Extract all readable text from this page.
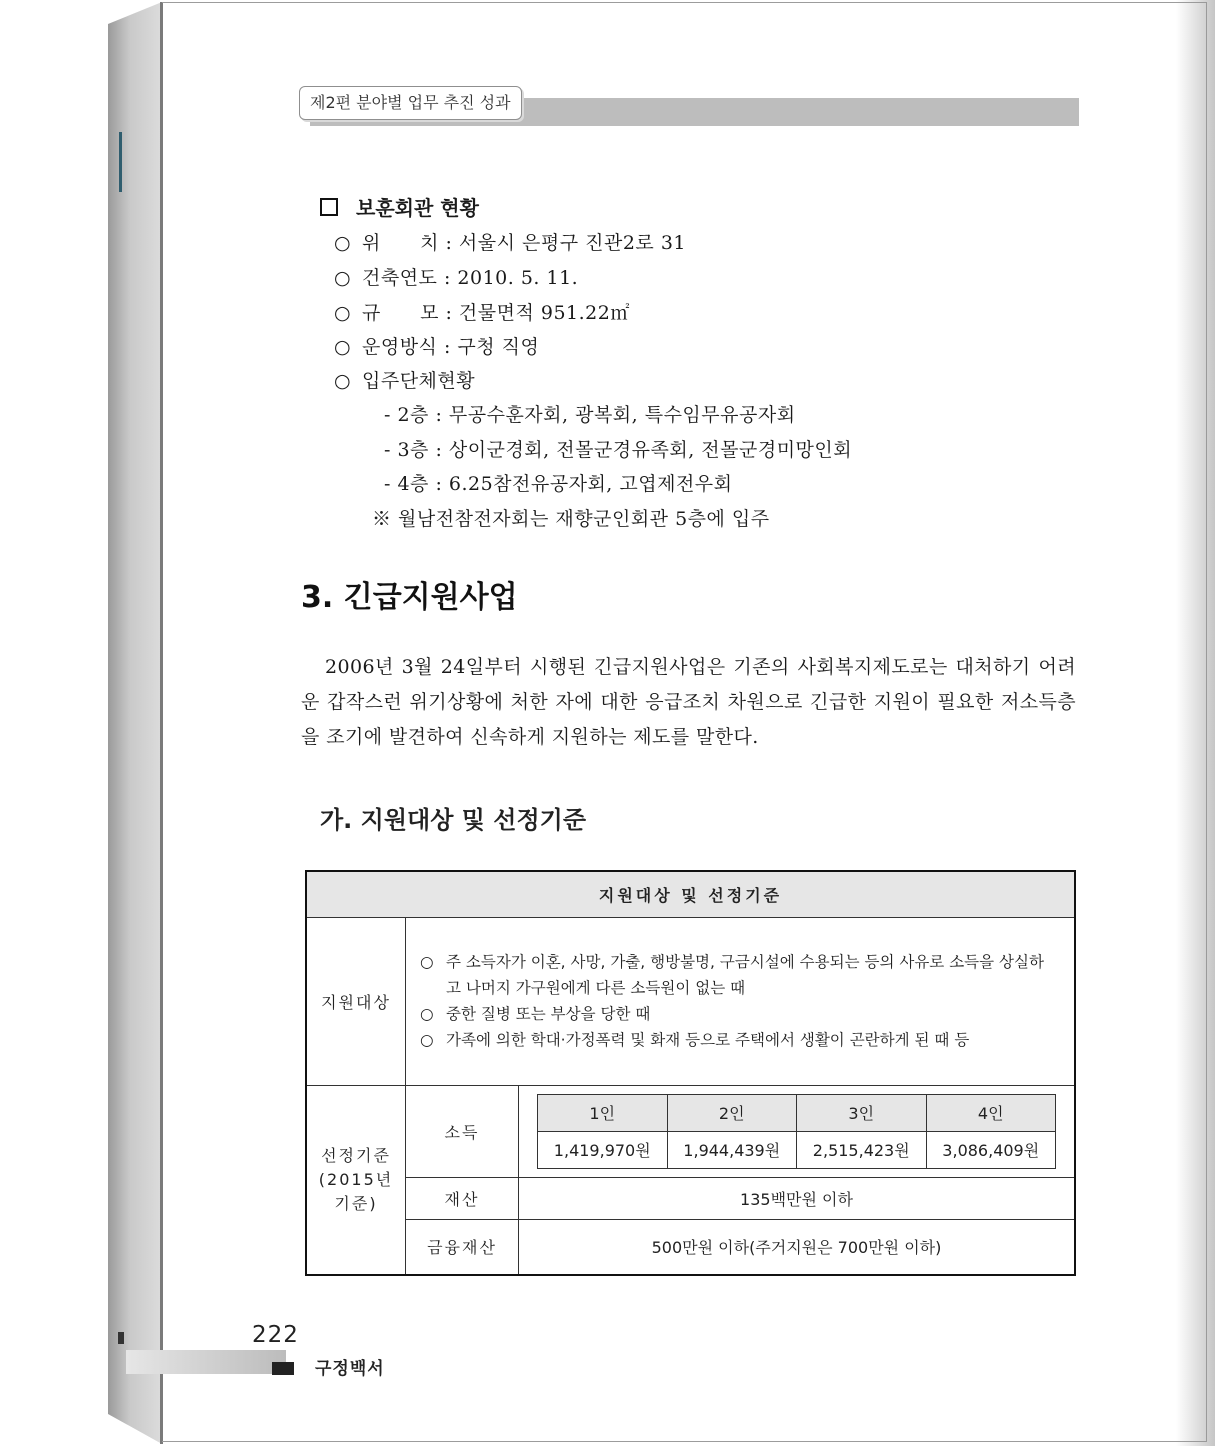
제2편 분야별 업무 추진 성과
보훈회관 현황
○ 위      치 : 서울시 은평구 진관2로 31
○ 건축연도 : 2010. 5. 11.
○ 규      모 : 건물면적 951.22㎡
○ 운영방식 : 구청 직영
○ 입주단체현황
- 2층 : 무공수훈자회, 광복회, 특수임무유공자회
- 3층 : 상이군경회, 전몰군경유족회, 전몰군경미망인회
- 4층 : 6.25참전유공자회, 고엽제전우회
※ 월남전참전자회는 재향군인회관 5층에 입주
3. 긴급지원사업
2006년 3월 24일부터 시행된 긴급지원사업은 기존의 사회복지제도로는 대처하기 어려운 갑작스런 위기상황에 처한 자에 대한 응급조치 차원으로 긴급한 지원이 필요한 저소득층을 조기에 발견하여 신속하게 지원하는 제도를 말한다.
가. 지원대상 및 선정기준
지원대상 및 선정기준
지원대상	
○ 주 소득자가 이혼, 사망, 가출, 행방불명, 구금시설에 수용되는 등의 사유로 소득을 상실하고 나머지 가구원에게 다른 소득원이 없는 때
○ 중한 질병 또는 부상을 당한 때
○ 가족에 의한 학대·가정폭력 및 화재 등으로 주택에서 생활이 곤란하게 된 때 등

선정기준 (2015년 기준)	소득	
1인	2인	3인	4인
1,419,970원	1,944,439원	2,515,423원	3,086,409원

재산	135백만원 이하
금융재산	500만원 이하(주거지원은 700만원 이하)
222
구정백서
